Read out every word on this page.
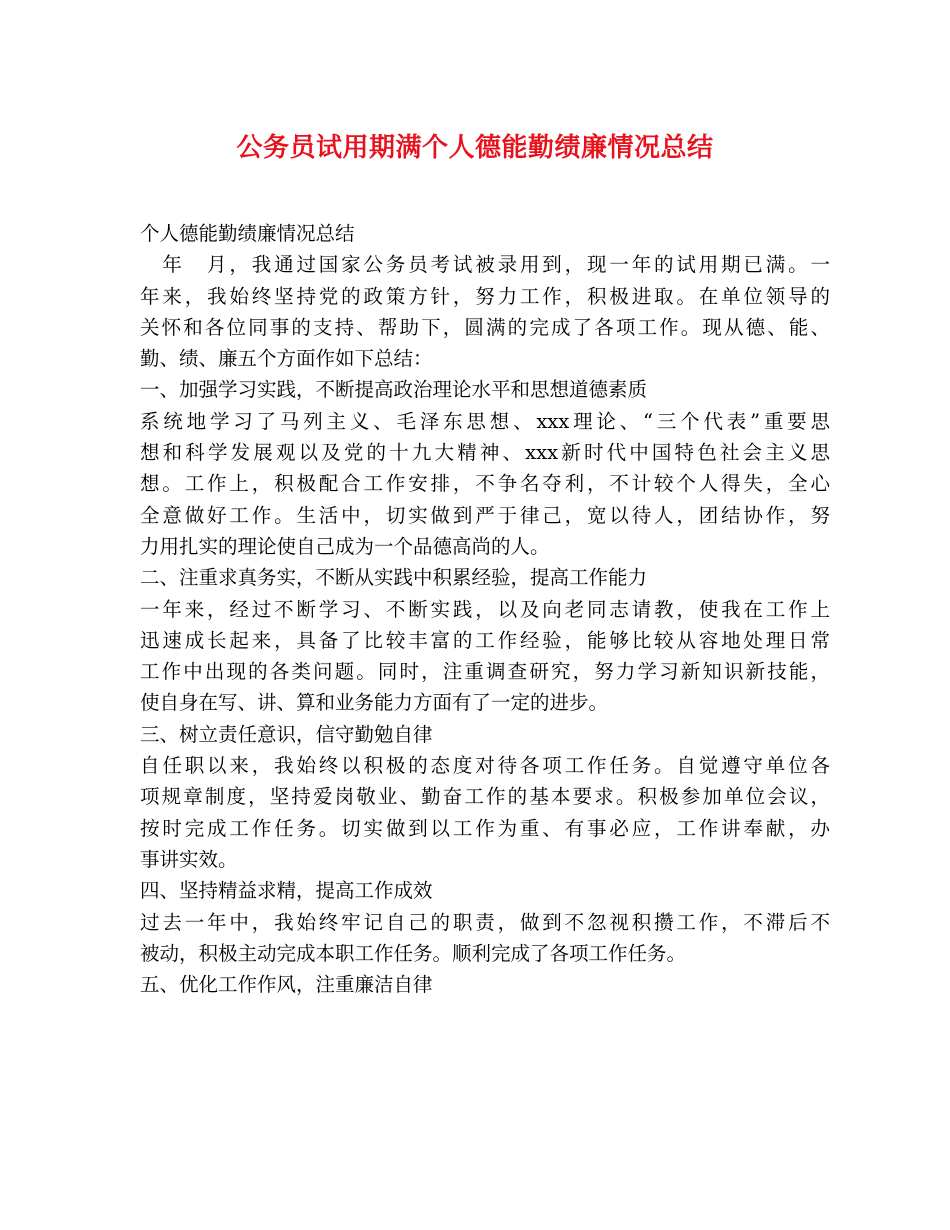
公务员试用期满个人德能勤绩廉情况总结
个人德能勤绩廉情况总结
　年　月，我通过国家公务员考试被录用到，现一年的试用期已满。一
年来，我始终坚持党的政策方针，努力工作，积极进取。在单位领导的
关怀和各位同事的支持、帮助下，圆满的完成了各项工作。现从德、能、
勤、绩、廉五个方面作如下总结：
一、加强学习实践，不断提高政治理论水平和思想道德素质
系统地学习了马列主义、毛泽东思想、xxx理论、“三个代表”重要思
想和科学发展观以及党的十九大精神、xxx新时代中国特色社会主义思
想。工作上，积极配合工作安排，不争名夺利，不计较个人得失，全心
全意做好工作。生活中，切实做到严于律己，宽以待人，团结协作，努
力用扎实的理论使自己成为一个品德高尚的人。
二、注重求真务实，不断从实践中积累经验，提高工作能力
一年来，经过不断学习、不断实践，以及向老同志请教，使我在工作上
迅速成长起来，具备了比较丰富的工作经验，能够比较从容地处理日常
工作中出现的各类问题。同时，注重调查研究，努力学习新知识新技能，
使自身在写、讲、算和业务能力方面有了一定的进步。
三、树立责任意识，信守勤勉自律
自任职以来，我始终以积极的态度对待各项工作任务。自觉遵守单位各
项规章制度，坚持爱岗敬业、勤奋工作的基本要求。积极参加单位会议，
按时完成工作任务。切实做到以工作为重、有事必应，工作讲奉献，办
事讲实效。
四、坚持精益求精，提高工作成效
过去一年中，我始终牢记自己的职责，做到不忽视积攒工作，不滞后不
被动，积极主动完成本职工作任务。顺利完成了各项工作任务。
五、优化工作作风，注重廉洁自律
